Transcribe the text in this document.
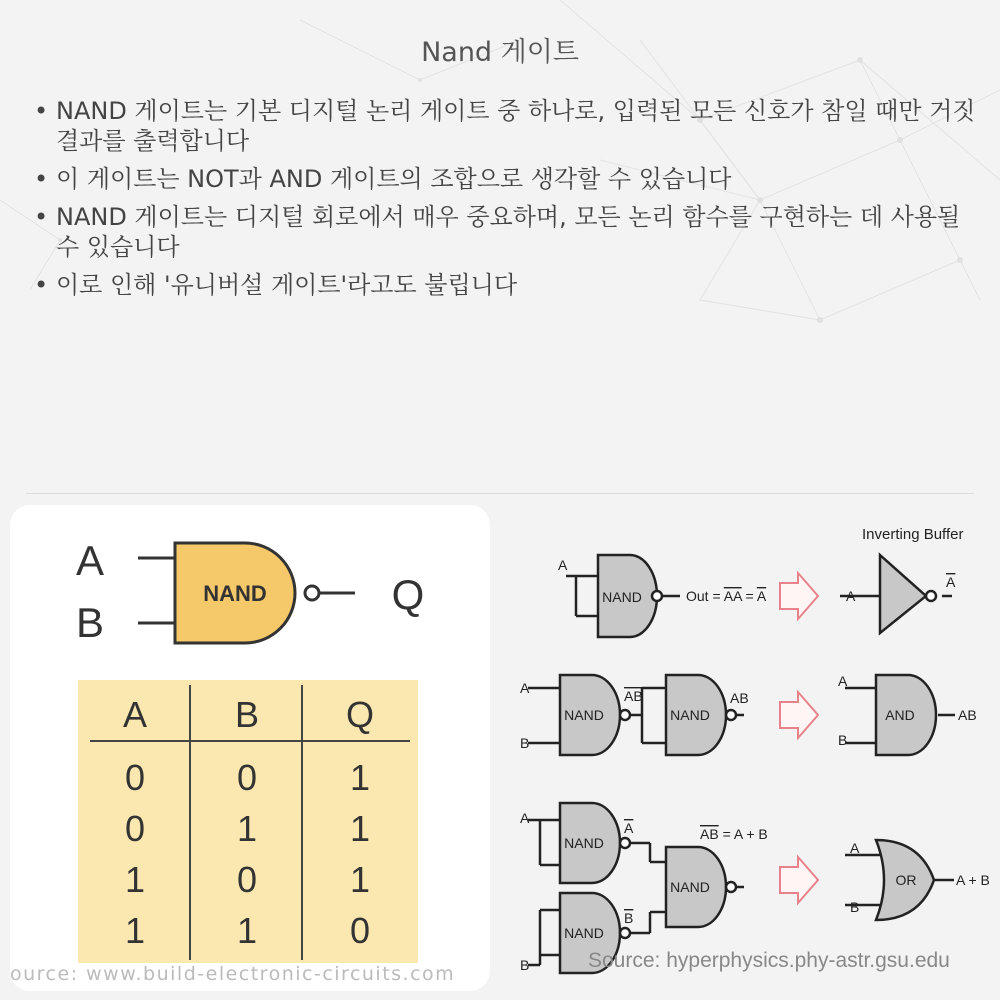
Nand 게이트
• NAND 게이트는 기본 디지털 논리 게이트 중 하나로, 입력된 모든 신호가 참일 때만 거짓 결과를 출력합니다
• 이 게이트는 NOT과 AND 게이트의 조합으로 생각할 수 있습니다
• NAND 게이트는 디지털 회로에서 매우 중요하며, 모든 논리 함수를 구현하는 데 사용될 수 있습니다
• 이로 인해 '유니버설 게이트'라고도 불립니다
NAND
A
B
Q
A B Q
0	0	1
0	1	1
1	0	1
1	1	0
ource: www.build-electronic-circuits.com
NAND
A
Out = AA = A
Inverting Buffer
A
A
A
B
NAND
AB
NAND
AB
AND
A
B
AB
A
B
NAND
NAND
A
B
NAND
AB = A + B
OR
A
B
A + B
Source: hyperphysics.phy-astr.gsu.edu
